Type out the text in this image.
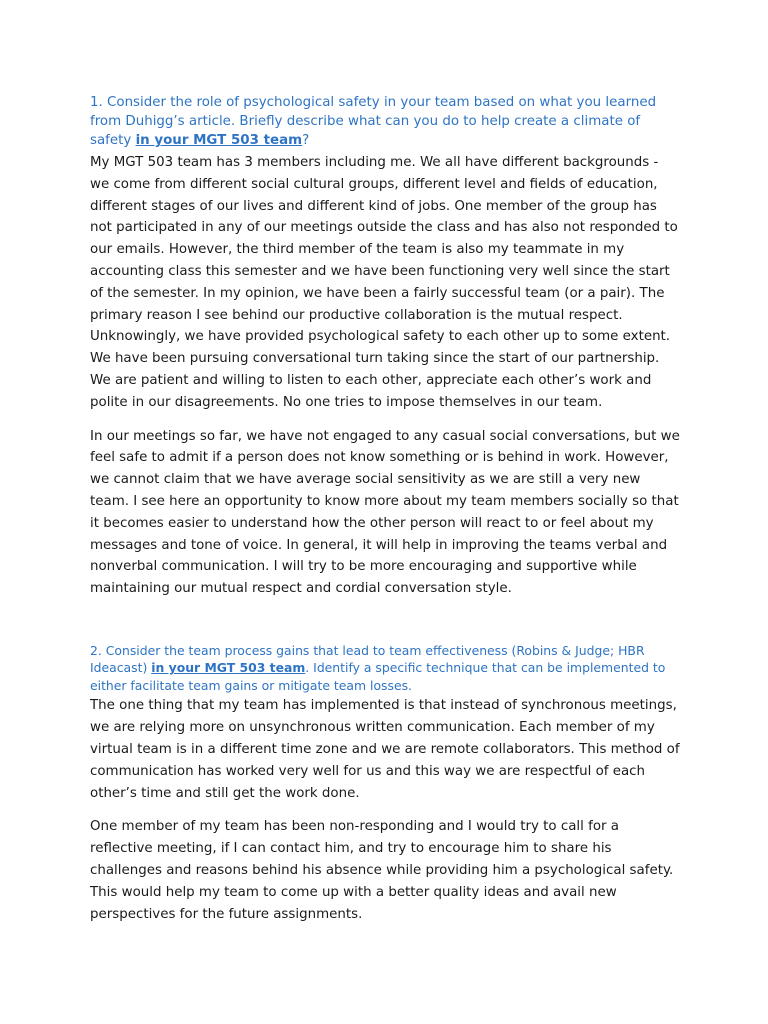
1. Consider the role of psychological safety in your team based on what you learned from Duhigg’s article. Briefly describe what can you do to help create a climate of safety in your MGT 503 team?

My MGT 503 team has 3 members including me. We all have different backgrounds - we come from different social cultural groups, different level and fields of education, different stages of our lives and different kind of jobs. One member of the group has not participated in any of our meetings outside the class and has also not responded to our emails. However, the third member of the team is also my teammate in my accounting class this semester and we have been functioning very well since the start of the semester. In my opinion, we have been a fairly successful team (or a pair). The primary reason I see behind our productive collaboration is the mutual respect. Unknowingly, we have provided psychological safety to each other up to some extent. We have been pursuing conversational turn taking since the start of our partnership. We are patient and willing to listen to each other, appreciate each other’s work and polite in our disagreements. No one tries to impose themselves in our team.

In our meetings so far, we have not engaged to any casual social conversations, but we feel safe to admit if a person does not know something or is behind in work. However, we cannot claim that we have average social sensitivity as we are still a very new team. I see here an opportunity to know more about my team members socially so that it becomes easier to understand how the other person will react to or feel about my messages and tone of voice. In general, it will help in improving the teams verbal and nonverbal communication. I will try to be more encouraging and supportive while maintaining our mutual respect and cordial conversation style.

2. Consider the team process gains that lead to team effectiveness (Robins & Judge; HBR Ideacast) in your MGT 503 team. Identify a specific technique that can be implemented to either facilitate team gains or mitigate team losses.

The one thing that my team has implemented is that instead of synchronous meetings, we are relying more on unsynchronous written communication. Each member of my virtual team is in a different time zone and we are remote collaborators. This method of communication has worked very well for us and this way we are respectful of each other’s time and still get the work done.

One member of my team has been non-responding and I would try to call for a reflective meeting, if I can contact him, and try to encourage him to share his challenges and reasons behind his absence while providing him a psychological safety. This would help my team to come up with a better quality ideas and avail new perspectives for the future assignments.
